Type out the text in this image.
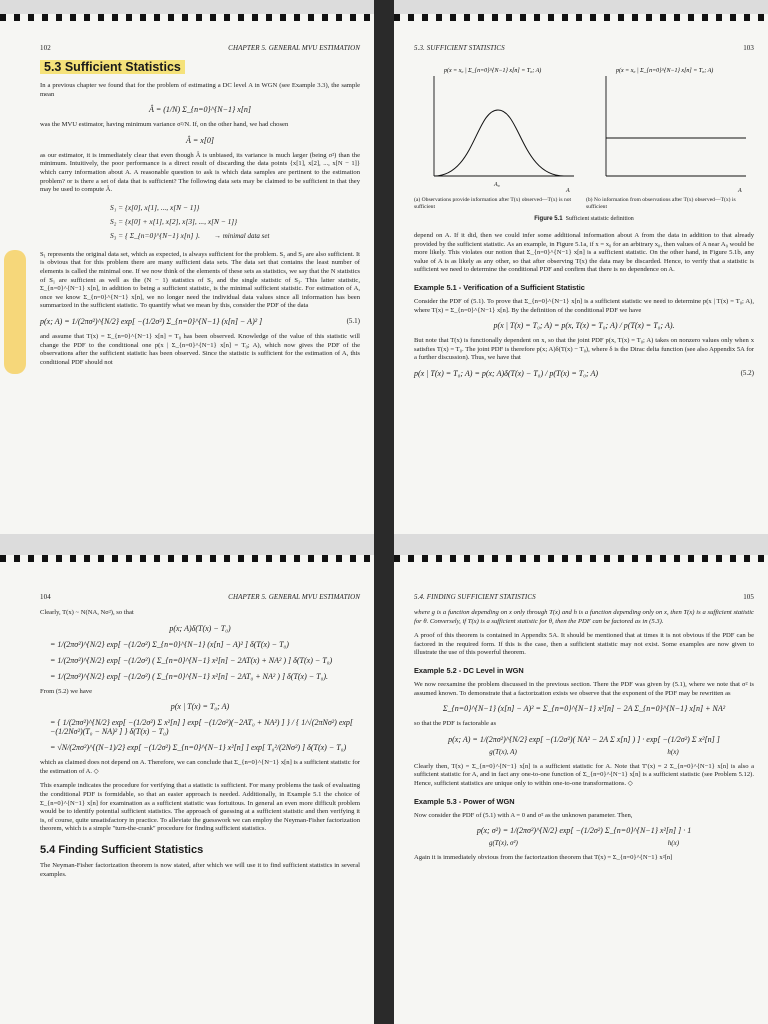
102	CHAPTER 5. GENERAL MVU ESTIMATION
5.3 Sufficient Statistics

In a previous chapter we found that for the problem of estimating a DC level A in WGN (see Example 3.3), the sample mean

Â = (1/N) Σ_{n=0}^{N−1} x[n]

was the MVU estimator, having minimum variance σ²/N. If, on the other hand, we had chosen

Â = x[0]

as our estimator, it is immediately clear that even though Â is unbiased, its variance is much larger (being σ²) than the minimum. Intuitively, the poor performance is a direct result of discarding the data points {x[1], x[2], ..., x[N − 1]} which carry information about A. A reasonable question to ask is which data samples are pertinent to the estimation problem? or is there a set of data that is sufficient? The following data sets may be claimed to be sufficient in that they may be used to compute Â.

S₁ = {x[0], x[1], ..., x[N − 1]}
S₂ = {x[0] + x[1], x[2], x[3], ..., x[N − 1]}
S₃ = { Σ_{n=0}^{N−1} x[n] }. → minimal data set

S₁ represents the original data set, which as expected, is always sufficient for the problem. S₂ and S₃ are also sufficient. It is obvious that for this problem there are many sufficient data sets. The data set that contains the least number of elements is called the minimal one. If we now think of the elements of these sets as statistics, we say that the N statistics of S₁ are sufficient as well as the (N − 1) statistics of S₂ and the single statistic of S₃. This latter statistic, Σ_{n=0}^{N−1} x[n], in addition to being a sufficient statistic, is the minimal sufficient statistic. For estimation of A, once we know Σ_{n=0}^{N−1} x[n], we no longer need the individual data values since all information has been summarized in the sufficient statistic. To quantify what we mean by this, consider the PDF of the data

p(x; A) = 1/(2πσ²)^{N/2} exp[ −(1/2σ²) Σ_{n=0}^{N−1} (x[n] − A)² ]	(5.1)

and assume that T(x) = Σ_{n=0}^{N−1} x[n] = T₀ has been observed. Knowledge of the value of this statistic will change the PDF to the conditional one p(x | Σ_{n=0}^{N−1} x[n] = T₀; A), which now gives the PDF of the observations after the sufficient statistic has been observed. Since the statistic is sufficient for the estimation of A, this conditional PDF should not

5.3. SUFFICIENT STATISTICS	103
p(x = x₀ | Σ_{n=0}^{N−1} x[n] = T₀; A)
A₀
A
(a) Observations provide information after T(x) observed—T(x) is not sufficient
p(x = x₀ | Σ_{n=0}^{N−1} x[n] = T₀; A)
A
(b) No information from observations after T(x) observed—T(x) is sufficient
Figure 5.1 Sufficient statistic definition

depend on A. If it did, then we could infer some additional information about A from the data in addition to that already provided by the sufficient statistic. As an example, in Figure 5.1a, if x = x₀ for an arbitrary x₀, then values of A near A₀ would be more likely. This violates our notion that Σ_{n=0}^{N−1} x[n] is a sufficient statistic. On the other hand, in Figure 5.1b, any value of A is as likely as any other, so that after observing T(x) the data may be discarded. Hence, to verify that a statistic is sufficient we need to determine the conditional PDF and confirm that there is no dependence on A.

Example 5.1 - Verification of a Sufficient Statistic

Consider the PDF of (5.1). To prove that Σ_{n=0}^{N−1} x[n] is a sufficient statistic we need to determine p(x | T(x) = T₀; A), where T(x) = Σ_{n=0}^{N−1} x[n]. By the definition of the conditional PDF we have

p(x | T(x) = T₀; A) = p(x, T(x) = T₀; A) / p(T(x) = T₀; A).

But note that T(x) is functionally dependent on x, so that the joint PDF p(x, T(x) = T₀; A) takes on nonzero values only when x satisfies T(x) = T₀. The joint PDF is therefore p(x; A)δ(T(x) − T₀), where δ is the Dirac delta function (see also Appendix 5A for a further discussion). Thus, we have that

p(x | T(x) = T₀; A) = p(x; A)δ(T(x) − T₀) / p(T(x) = T₀; A)	(5.2)
104	CHAPTER 5. GENERAL MVU ESTIMATION

Clearly, T(x) ~ N(NA, Nσ²), so that

p(x; A)δ(T(x) − T₀)
= 1/(2πσ²)^{N/2} exp[ −(1/2σ²) Σ_{n=0}^{N−1} (x[n] − A)² ] δ(T(x) − T₀)
= 1/(2πσ²)^{N/2} exp[ −(1/2σ²) ( Σ_{n=0}^{N−1} x²[n] − 2AT(x) + NA² ) ] δ(T(x) − T₀)
= 1/(2πσ²)^{N/2} exp[ −(1/2σ²) ( Σ_{n=0}^{N−1} x²[n] − 2AT₀ + NA² ) ] δ(T(x) − T₀).

From (5.2) we have

p(x | T(x) = T₀; A)
= { 1/(2πσ²)^{N/2} exp[ −(1/2σ²) Σ x²[n] ] exp[ −(1/2σ²)(−2AT₀ + NA²) ] } / { 1/√(2πNσ²) exp[ −(1/2Nσ²)(T₀ − NA)² ] } δ(T(x) − T₀)
= √N/(2πσ²)^{(N−1)/2} exp[ −(1/2σ²) Σ_{n=0}^{N−1} x²[n] ] exp[ T₀²/(2Nσ²) ] δ(T(x) − T₀)

which as claimed does not depend on A. Therefore, we can conclude that Σ_{n=0}^{N−1} x[n] is a sufficient statistic for the estimation of A. ◇

This example indicates the procedure for verifying that a statistic is sufficient. For many problems the task of evaluating the conditional PDF is formidable, so that an easier approach is needed. Additionally, in Example 5.1 the choice of Σ_{n=0}^{N−1} x[n] for examination as a sufficient statistic was fortuitous. In general an even more difficult problem would be to identify potential sufficient statistics. The approach of guessing at a sufficient statistic and then verifying it is, of course, quite unsatisfactory in practice. To alleviate the guesswork we can employ the Neyman-Fisher factorization theorem, which is a simple "turn-the-crank" procedure for finding sufficient statistics.

5.4 Finding Sufficient Statistics

The Neyman-Fisher factorization theorem is now stated, after which we will use it to find sufficient statistics in several examples.

5.4. FINDING SUFFICIENT STATISTICS	105

where g is a function depending on x only through T(x) and h is a function depending only on x, then T(x) is a sufficient statistic for θ. Conversely, if T(x) is a sufficient statistic for θ, then the PDF can be factored as in (5.3).

A proof of this theorem is contained in Appendix 5A. It should be mentioned that at times it is not obvious if the PDF can be factored in the required form. If this is the case, then a sufficient statistic may not exist. Some examples are now given to illustrate the use of this powerful theorem.

Example 5.2 - DC Level in WGN

We now reexamine the problem discussed in the previous section. There the PDF was given by (5.1), where we note that σ² is assumed known. To demonstrate that a factorization exists we observe that the exponent of the PDF may be rewritten as

Σ_{n=0}^{N−1} (x[n] − A)² = Σ_{n=0}^{N−1} x²[n] − 2A Σ_{n=0}^{N−1} x[n] + NA²

so that the PDF is factorable as

p(x; A) = 1/(2πσ²)^{N/2} exp[ −(1/2σ²)( NA² − 2A Σ x[n] ) ] · exp[ −(1/2σ²) Σ x²[n] ]
g(T(x), A)	h(x)

Clearly then, T(x) = Σ_{n=0}^{N−1} x[n] is a sufficient statistic for A. Note that T′(x) = 2 Σ_{n=0}^{N−1} x[n] is also a sufficient statistic for A, and in fact any one-to-one function of Σ_{n=0}^{N−1} x[n] is a sufficient statistic (see Problem 5.12). Hence, sufficient statistics are unique only to within one-to-one transformations. ◇

Example 5.3 - Power of WGN

Now consider the PDF of (5.1) with A = 0 and σ² as the unknown parameter. Then,

p(x; σ²) = 1/(2πσ²)^{N/2} exp[ −(1/2σ²) Σ_{n=0}^{N−1} x²[n] ] · 1
g(T(x), σ²)	h(x)

Again it is immediately obvious from the factorization theorem that T(x) = Σ_{n=0}^{N−1} x²[n]
